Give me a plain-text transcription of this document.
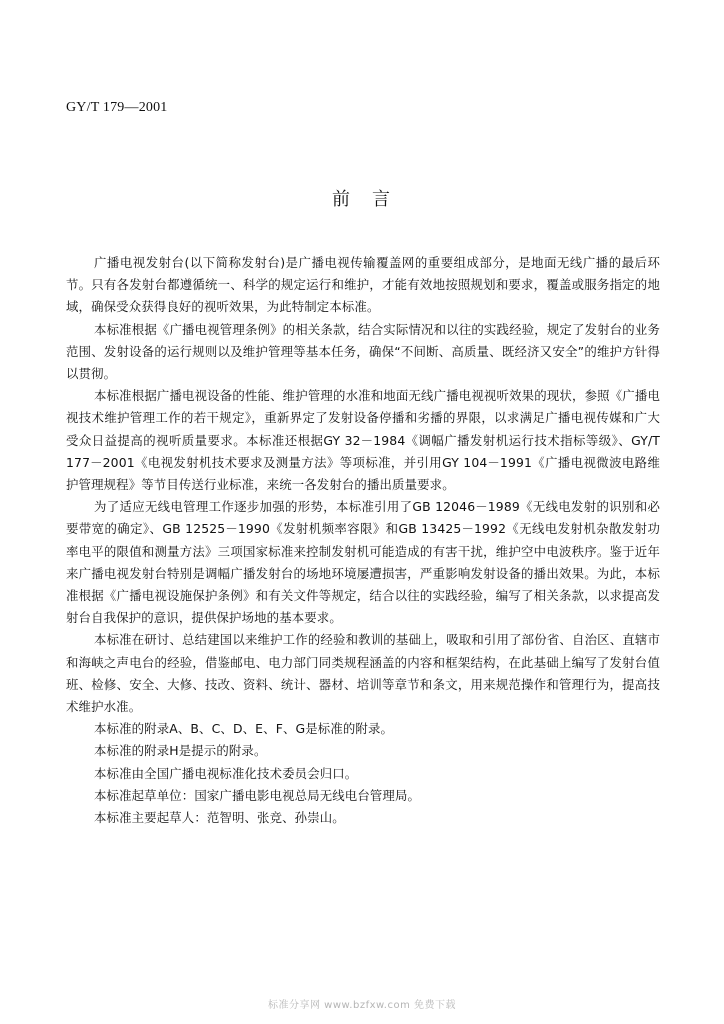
GY/T 179—2001
前　言

广播电视发射台(以下简称发射台)是广播电视传输覆盖网的重要组成部分，是地面无线广播的最后环节。只有各发射台都遵循统一、科学的规定运行和维护，才能有效地按照规划和要求，覆盖或服务指定的地域，确保受众获得良好的视听效果，为此特制定本标准。

本标准根据《广播电视管理条例》的相关条款，结合实际情况和以往的实践经验，规定了发射台的业务范围、发射设备的运行规则以及维护管理等基本任务，确保“不间断、高质量、既经济又安全”的维护方针得以贯彻。

本标准根据广播电视设备的性能、维护管理的水准和地面无线广播电视视听效果的现状，参照《广播电视技术维护管理工作的若干规定》，重新界定了发射设备停播和劣播的界限，以求满足广播电视传媒和广大受众日益提高的视听质量要求。本标准还根据GY 32－1984《调幅广播发射机运行技术指标等级》、GY/T 177－2001《电视发射机技术要求及测量方法》等项标准，并引用GY 104－1991《广播电视微波电路维护管理规程》等节目传送行业标准，来统一各发射台的播出质量要求。

为了适应无线电管理工作逐步加强的形势，本标准引用了GB 12046－1989《无线电发射的识别和必要带宽的确定》、GB 12525－1990《发射机频率容限》和GB 13425－1992《无线电发射机杂散发射功率电平的限值和测量方法》三项国家标准来控制发射机可能造成的有害干扰，维护空中电波秩序。鉴于近年来广播电视发射台特别是调幅广播发射台的场地环境屡遭损害，严重影响发射设备的播出效果。为此，本标准根据《广播电视设施保护条例》和有关文件等规定，结合以往的实践经验，编写了相关条款，以求提高发射台自我保护的意识，提供保护场地的基本要求。

本标准在研讨、总结建国以来维护工作的经验和教训的基础上，吸取和引用了部份省、自治区、直辖市和海峡之声电台的经验，借鉴邮电、电力部门同类规程涵盖的内容和框架结构，在此基础上编写了发射台值班、检修、安全、大修、技改、资料、统计、器材、培训等章节和条文，用来规范操作和管理行为，提高技术维护水准。

本标准的附录A、B、C、D、E、F、G是标准的附录。

本标准的附录H是提示的附录。

本标准由全国广播电视标准化技术委员会归口。

本标准起草单位：国家广播电影电视总局无线电台管理局。

本标准主要起草人：范智明、张竞、孙崇山。

标准分享网 www.bzfxw.com 免费下载
